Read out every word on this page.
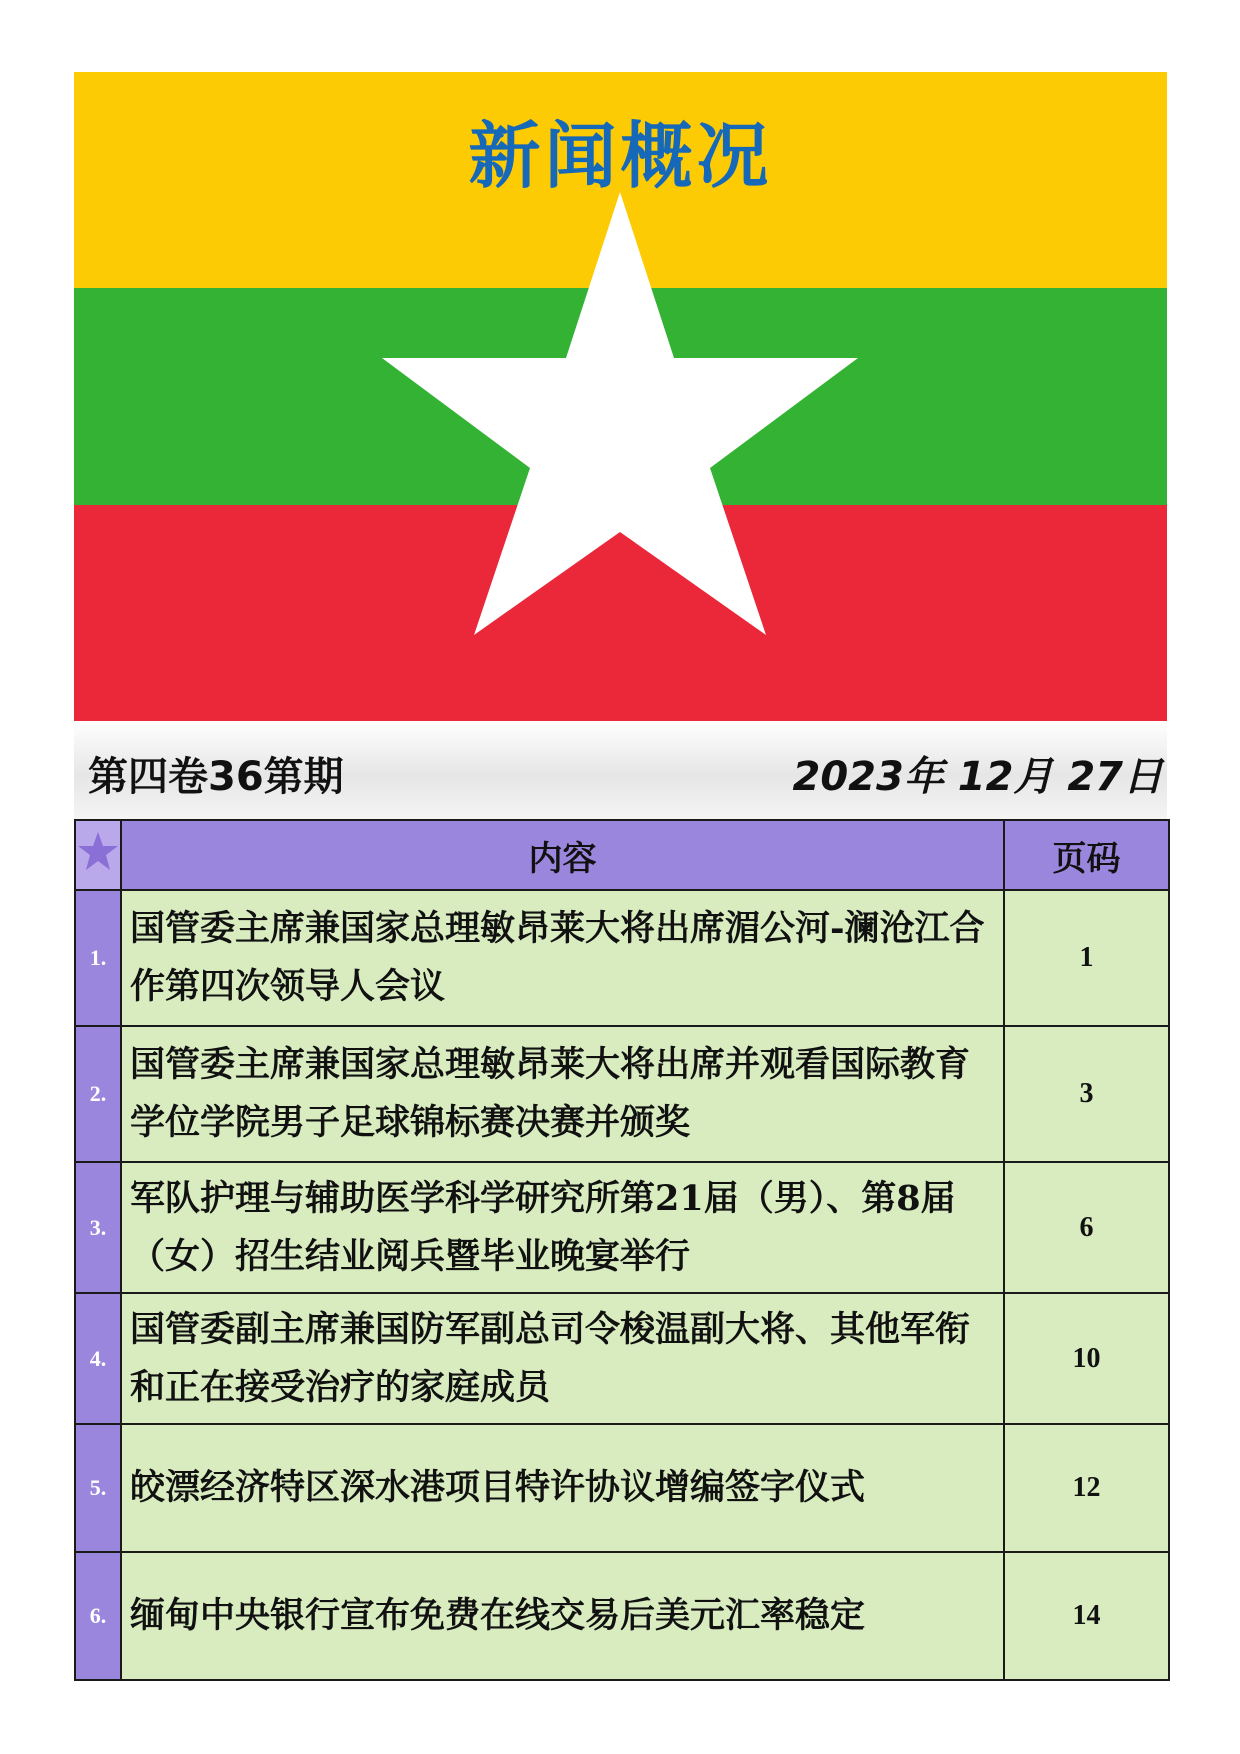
新闻概况
第四卷36第期	2023年 12月 27日
	内容	页码
1.	国管委主席兼国家总理敏昂莱大将出席湄公河-澜沧江合作第四次领导人会议	1
2.	国管委主席兼国家总理敏昂莱大将出席并观看国际教育学位学院男子足球锦标赛决赛并颁奖	3
3.	军队护理与辅助医学科学研究所第21届（男）、第8届（女）招生结业阅兵暨毕业晚宴举行	6
4.	国管委副主席兼国防军副总司令梭温副大将、其他军衔和正在接受治疗的家庭成员	10
5.	皎漂经济特区深水港项目特许协议增编签字仪式	12
6.	缅甸中央银行宣布免费在线交易后美元汇率稳定	14
